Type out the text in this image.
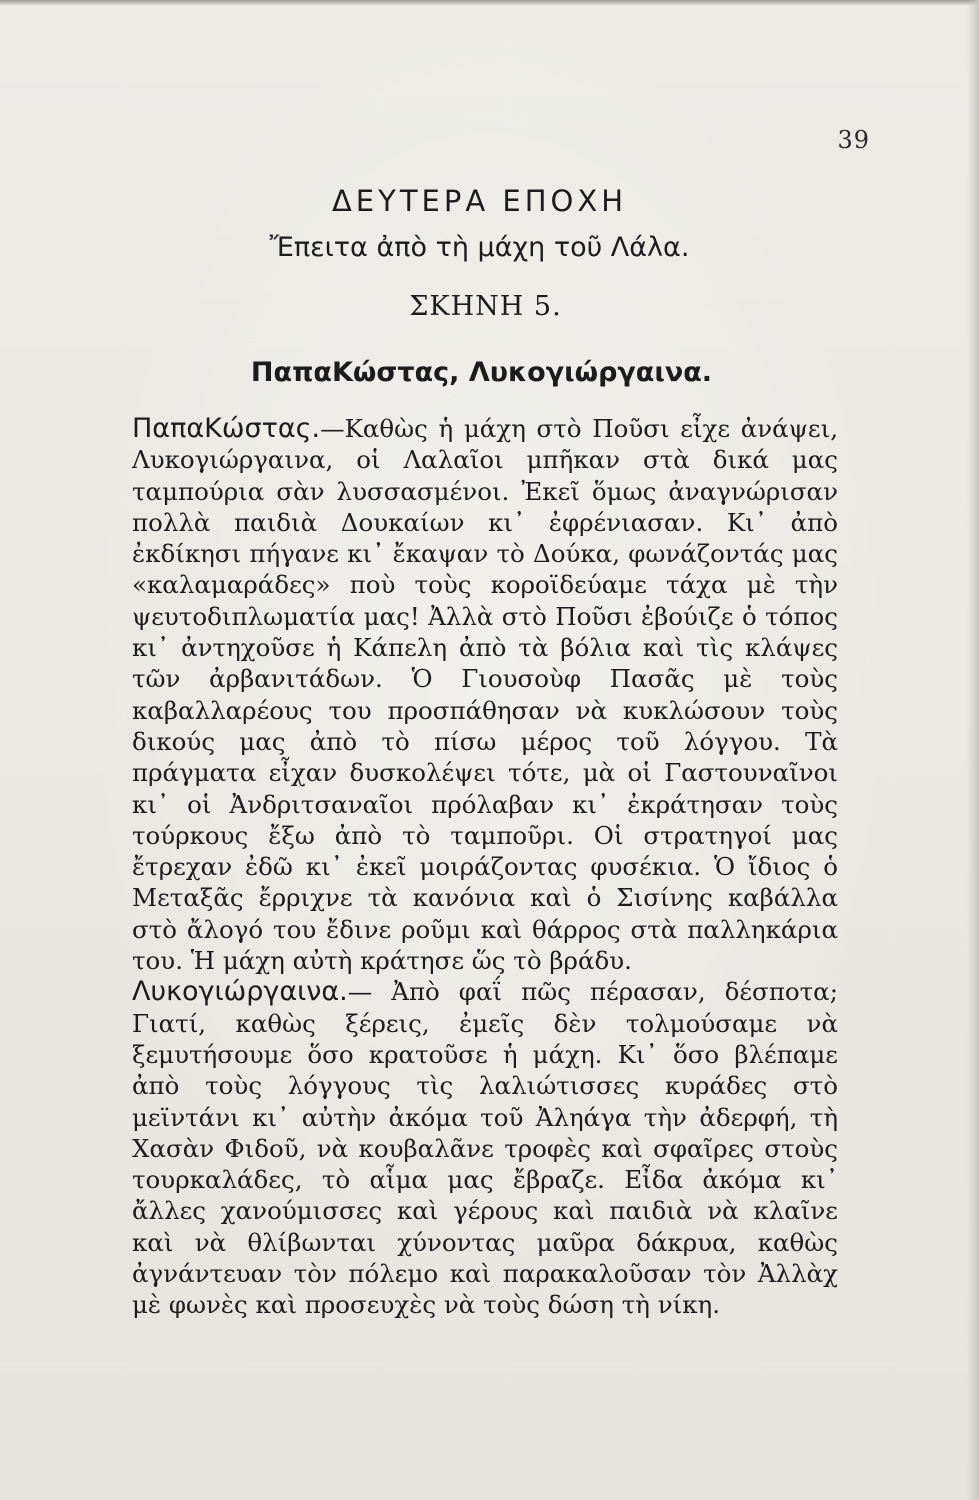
39
ΔΕΥΤΕΡΑ ΕΠΟΧΗ
Ἔπειτα ἀπὸ τὴ μάχη τοῦ Λάλα.
ΣΚΗΝΗ 5.
ΠαπαΚώστας, Λυκογιώργαινα.

ΠαπαΚώστας.—Καθὼς ἡ μάχη στὸ Ποῦσι εἶχε ἀνάψει, Λυκογιώργαινα, οἱ Λαλαῖοι μπῆκαν στὰ δικά μας ταμπούρια σὰν λυσσασμένοι. Ἐκεῖ ὅμως ἀναγνώρισαν πολλὰ παιδιὰ Δουκαίων κι᾽ ἐφρένιασαν. Κι᾽ ἀπὸ ἐκδίκησι πήγανε κι᾽ ἔκαψαν τὸ Δούκα, φωνάζοντάς μας «καλαμαράδες» ποὺ τοὺς κοροϊδεύαμε τάχα μὲ τὴν ψευτοδιπλωματία μας! Ἀλλὰ στὸ Ποῦσι ἐβούιζε ὁ τόπος κι᾽ ἀντηχοῦσε ἡ Κάπελη ἀπὸ τὰ βόλια καὶ τὶς κλάψες τῶν ἀρβανιτάδων. Ὁ Γιουσοὺφ Πασᾶς μὲ τοὺς καβαλλαρέους του προσπάθησαν νὰ κυκλώσουν τοὺς δικούς μας ἀπὸ τὸ πίσω μέρος τοῦ λόγγου. Τὰ πράγματα εἶχαν δυσκολέψει τότε, μὰ οἱ Γαστουναῖνοι κι᾽ οἱ Ἀνδριτσαναῖοι πρόλαβαν κι᾽ ἐκράτησαν τοὺς τούρκους ἔξω ἀπὸ τὸ ταμποῦρι. Οἱ στρατηγοί μας ἔτρεχαν ἐδῶ κι᾽ ἐκεῖ μοιράζοντας φυσέκια. Ὁ ἴδιος ὁ Μεταξᾶς ἔρριχνε τὰ κανόνια καὶ ὁ Σισίνης καβάλλα στὸ ἄλογό του ἔδινε ρoῦμι καὶ θάρρος στὰ παλληκάρια του. Ἡ μάχη αὐτὴ κράτησε ὥς τὸ βράδυ.

Λυκογιώργαινα.— Ἀπὸ φαΐ πῶς πέρασαν, δέσποτα; Γιατί, καθὼς ξέρεις, ἐμεῖς δὲν τολμούσαμε νὰ ξεμυτήσουμε ὅσο κρατοῦσε ἡ μάχη. Κι᾽ ὅσο βλέπαμε ἀπὸ τοὺς λόγγους τὶς λαλιώτισσες κυράδες στὸ μεϊντάνι κι᾽ αὐτὴν ἀκόμα τοῦ Ἀληάγα τὴν ἀδερφή, τὴ Χασὰν Φιδοῦ, νὰ κουβαλᾶνε τροφὲς καὶ σφαῖρες στοὺς τουρκαλάδες, τὸ αἷμα μας ἔβραζε. Εἶδα ἀκόμα κι᾽ ἄλλες χανούμισσες καὶ γέρους καὶ παιδιὰ νὰ κλαῖνε καὶ νὰ θλίβωνται χύνοντας μαῦρα δάκρυα, καθὼς ἀγνάντευαν τὸν πόλεμο καὶ παρακαλοῦσαν τὸν Ἀλλὰχ μὲ φωνὲς καὶ προσευχὲς νὰ τοὺς δώση τὴ νίκη.
